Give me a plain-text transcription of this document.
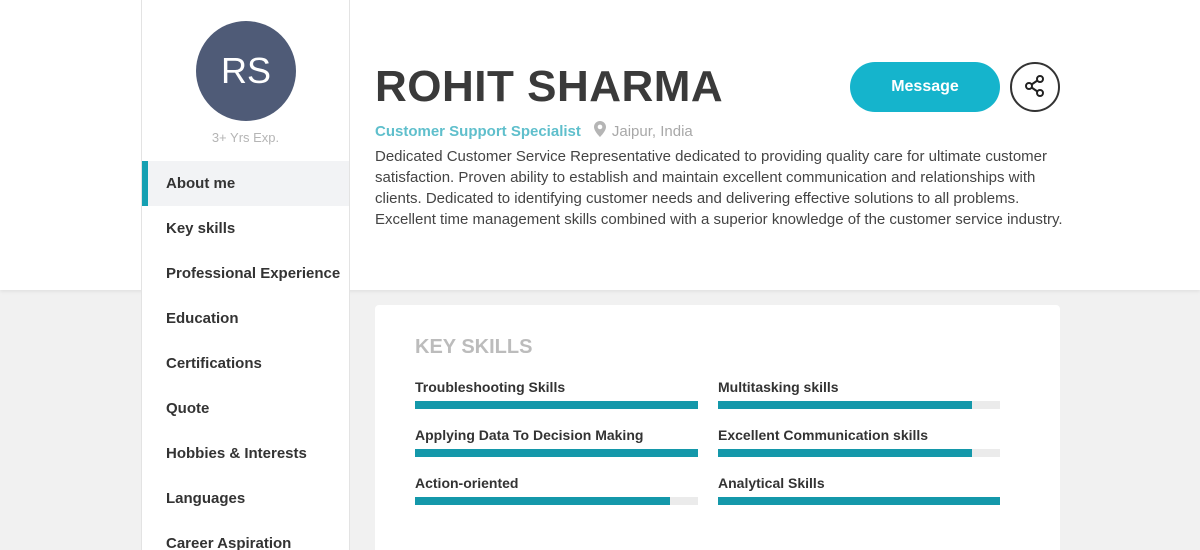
RS
3+ Yrs Exp.
About me
Key skills
Professional Experience
Education
Certifications
Quote
Hobbies & Interests
Languages
Career Aspiration
ROHIT SHARMA
Customer Support Specialist Jaipur, India

Dedicated Customer Service Representative dedicated to providing quality care for ultimate customer satisfaction. Proven ability to establish and maintain excellent communication and relationships with clients. Dedicated to identifying customer needs and delivering effective solutions to all problems. Excellent time management skills combined with a superior knowledge of the customer service industry.

Message
KEY SKILLS
Troubleshooting Skills	Multitasking skills
Applying Data To Decision Making	Excellent Communication skills
Action-oriented	Analytical Skills
